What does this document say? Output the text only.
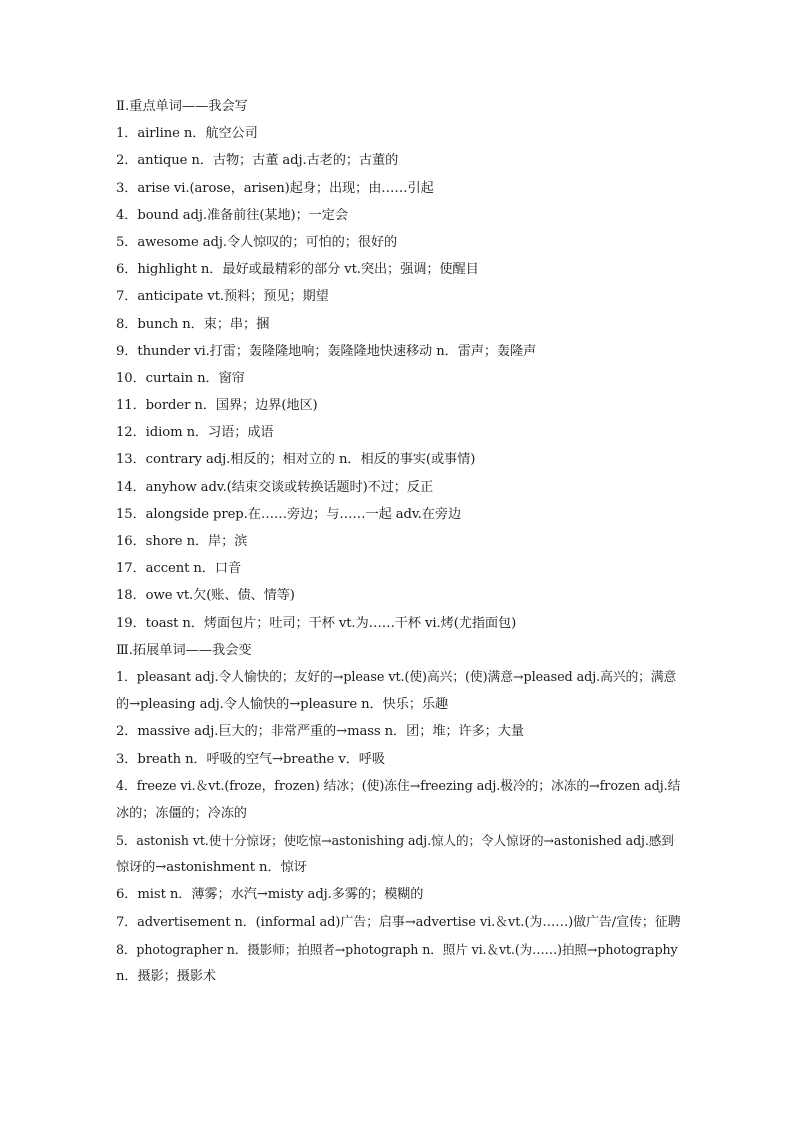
Ⅱ.重点单词——我会写
1．airline n．航空公司
2．antique n．古物；古董 adj.古老的；古董的
3．arise vi.(arose，arisen)起身；出现；由……引起
4．bound adj.准备前往(某地)；一定会
5．awesome adj.令人惊叹的；可怕的；很好的
6．highlight n．最好或最精彩的部分 vt.突出；强调；使醒目
7．anticipate vt.预料；预见；期望
8．bunch n．束；串；捆
9．thunder vi.打雷；轰隆隆地响；轰隆隆地快速移动 n．雷声；轰隆声
10．curtain n．窗帘
11．border n．国界；边界(地区)
12．idiom n．习语；成语
13．contrary adj.相反的；相对立的 n．相反的事实(或事情)
14．anyhow adv.(结束交谈或转换话题时)不过；反正
15．alongside prep.在……旁边；与……一起 adv.在旁边
16．shore n．岸；滨
17．accent n．口音
18．owe vt.欠(账、债、情等)
19．toast n．烤面包片；吐司；干杯 vt.为……干杯 vi.烤(尤指面包)
Ⅲ.拓展单词——我会变
1．pleasant adj.令人愉快的；友好的→please vt.(使)高兴；(使)满意→pleased adj.高兴的；满意
的→pleasing adj.令人愉快的→pleasure n．快乐；乐趣
2．massive adj.巨大的；非常严重的→mass n．团；堆；许多；大量
3．breath n．呼吸的空气→breathe v．呼吸
4．freeze vi.＆vt.(froze，frozen) 结冰；(使)冻住→freezing adj.极冷的；冰冻的→frozen adj.结
冰的；冻僵的；冷冻的
5．astonish vt.使十分惊讶；使吃惊→astonishing adj.惊人的；令人惊讶的→astonished adj.感到
惊讶的→astonishment n．惊讶
6．mist n．薄雾；水汽→misty adj.多雾的；模糊的
7．advertisement n．(informal ad)广告；启事→advertise vi.＆vt.(为……)做广告/宣传；征聘
8．photographer n．摄影师；拍照者→photograph n．照片 vi.＆vt.(为……)拍照→photography
n．摄影；摄影术
